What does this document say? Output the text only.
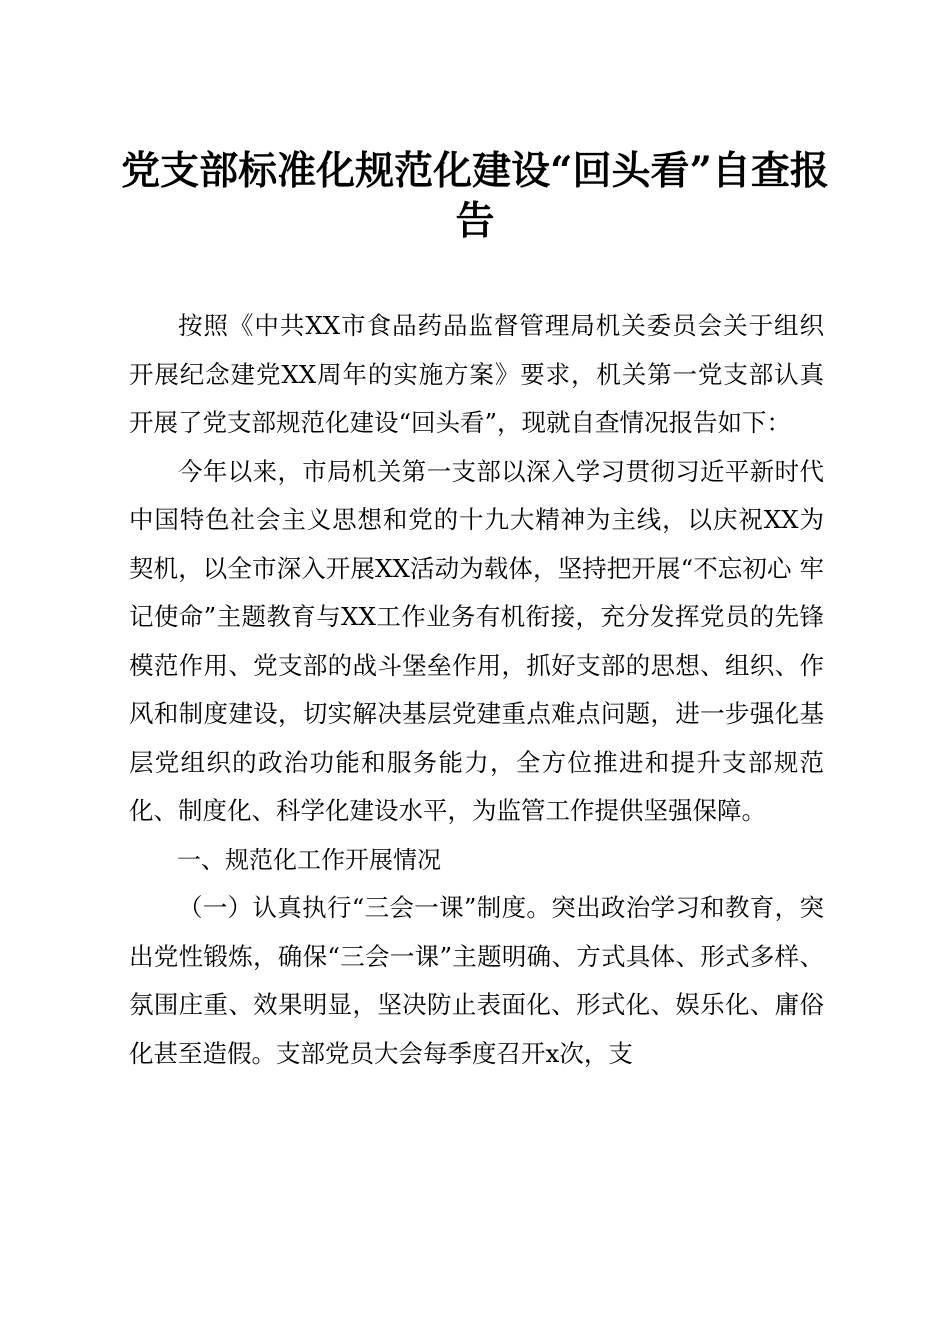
党支部标准化规范化建设“回头看”自查报告

按照《中共XX市食品药品监督管理局机关委员会关于组织开展纪念建党XX周年的实施方案》要求，机关第一党支部认真开展了党支部规范化建设“回头看”，现就自查情况报告如下：

今年以来，市局机关第一支部以深入学习贯彻习近平新时代中国特色社会主义思想和党的十九大精神为主线，以庆祝XX为契机，以全市深入开展XX活动为载体，坚持把开展“不忘初心 牢记使命”主题教育与XX工作业务有机衔接，充分发挥党员的先锋模范作用、党支部的战斗堡垒作用，抓好支部的思想、组织、作风和制度建设，切实解决基层党建重点难点问题，进一步强化基层党组织的政治功能和服务能力，全方位推进和提升支部规范化、制度化、科学化建设水平，为监管工作提供坚强保障。

一、规范化工作开展情况

（一）认真执行“三会一课”制度。突出政治学习和教育，突出党性锻炼，确保“三会一课”主题明确、方式具体、形式多样、氛围庄重、效果明显，坚决防止表面化、形式化、娱乐化、庸俗化甚至造假。支部党员大会每季度召开x次，支
